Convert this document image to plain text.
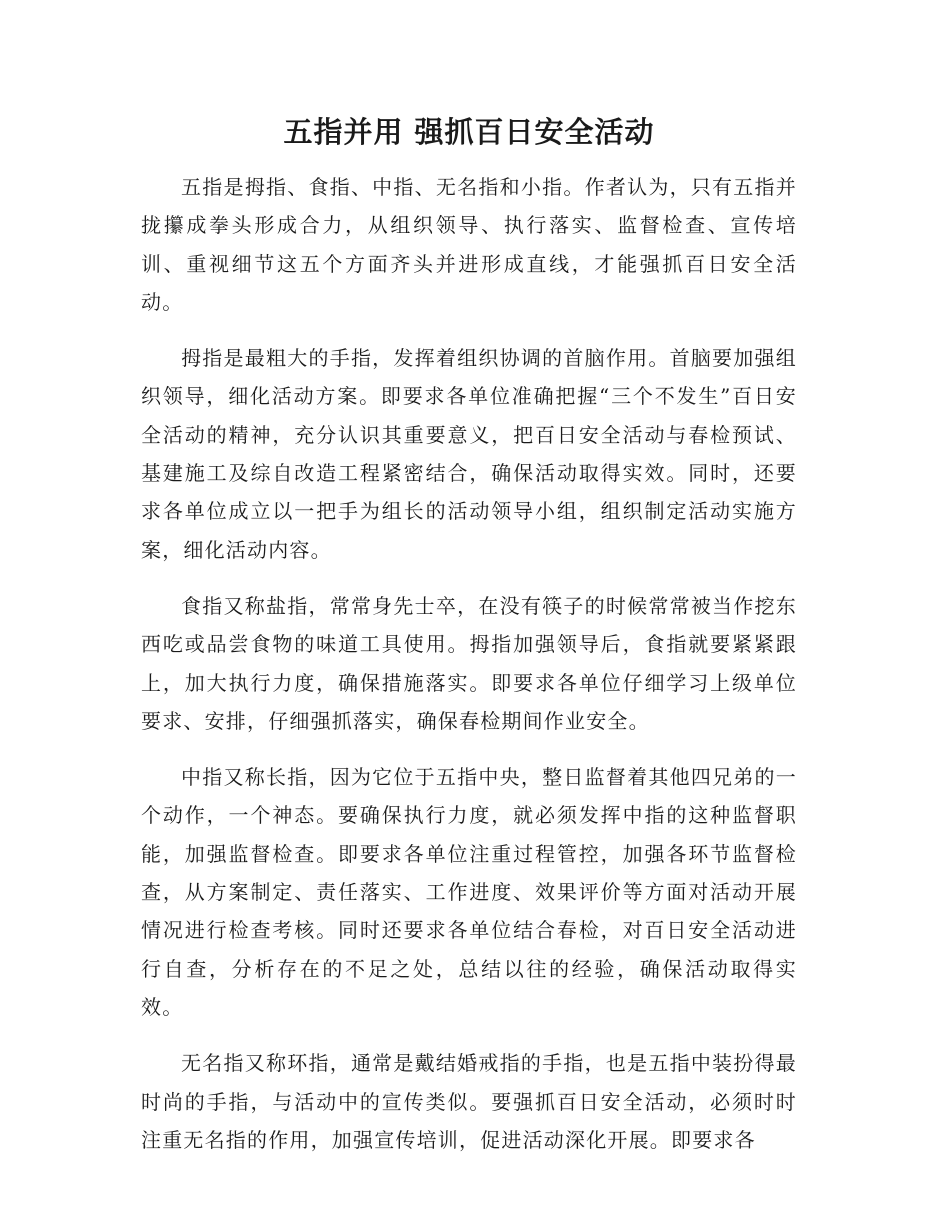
五指并用 强抓百日安全活动

五指是拇指、食指、中指、无名指和小指。作者认为，只有五指并拢攥成拳头形成合力，从组织领导、执行落实、监督检查、宣传培训、重视细节这五个方面齐头并进形成直线，才能强抓百日安全活动。

拇指是最粗大的手指，发挥着组织协调的首脑作用。首脑要加强组织领导，细化活动方案。即要求各单位准确把握“三个不发生”百日安全活动的精神，充分认识其重要意义，把百日安全活动与春检预试、基建施工及综自改造工程紧密结合，确保活动取得实效。同时，还要求各单位成立以一把手为组长的活动领导小组，组织制定活动实施方案，细化活动内容。

食指又称盐指，常常身先士卒，在没有筷子的时候常常被当作挖东西吃或品尝食物的味道工具使用。拇指加强领导后，食指就要紧紧跟上，加大执行力度，确保措施落实。即要求各单位仔细学习上级单位要求、安排，仔细强抓落实，确保春检期间作业安全。

中指又称长指，因为它位于五指中央，整日监督着其他四兄弟的一个动作，一个神态。要确保执行力度，就必须发挥中指的这种监督职能，加强监督检查。即要求各单位注重过程管控，加强各环节监督检查，从方案制定、责任落实、工作进度、效果评价等方面对活动开展情况进行检查考核。同时还要求各单位结合春检，对百日安全活动进行自查，分析存在的不足之处，总结以往的经验，确保活动取得实效。

无名指又称环指，通常是戴结婚戒指的手指，也是五指中装扮得最时尚的手指，与活动中的宣传类似。要强抓百日安全活动，必须时时注重无名指的作用，加强宣传培训，促进活动深化开展。即要求各
